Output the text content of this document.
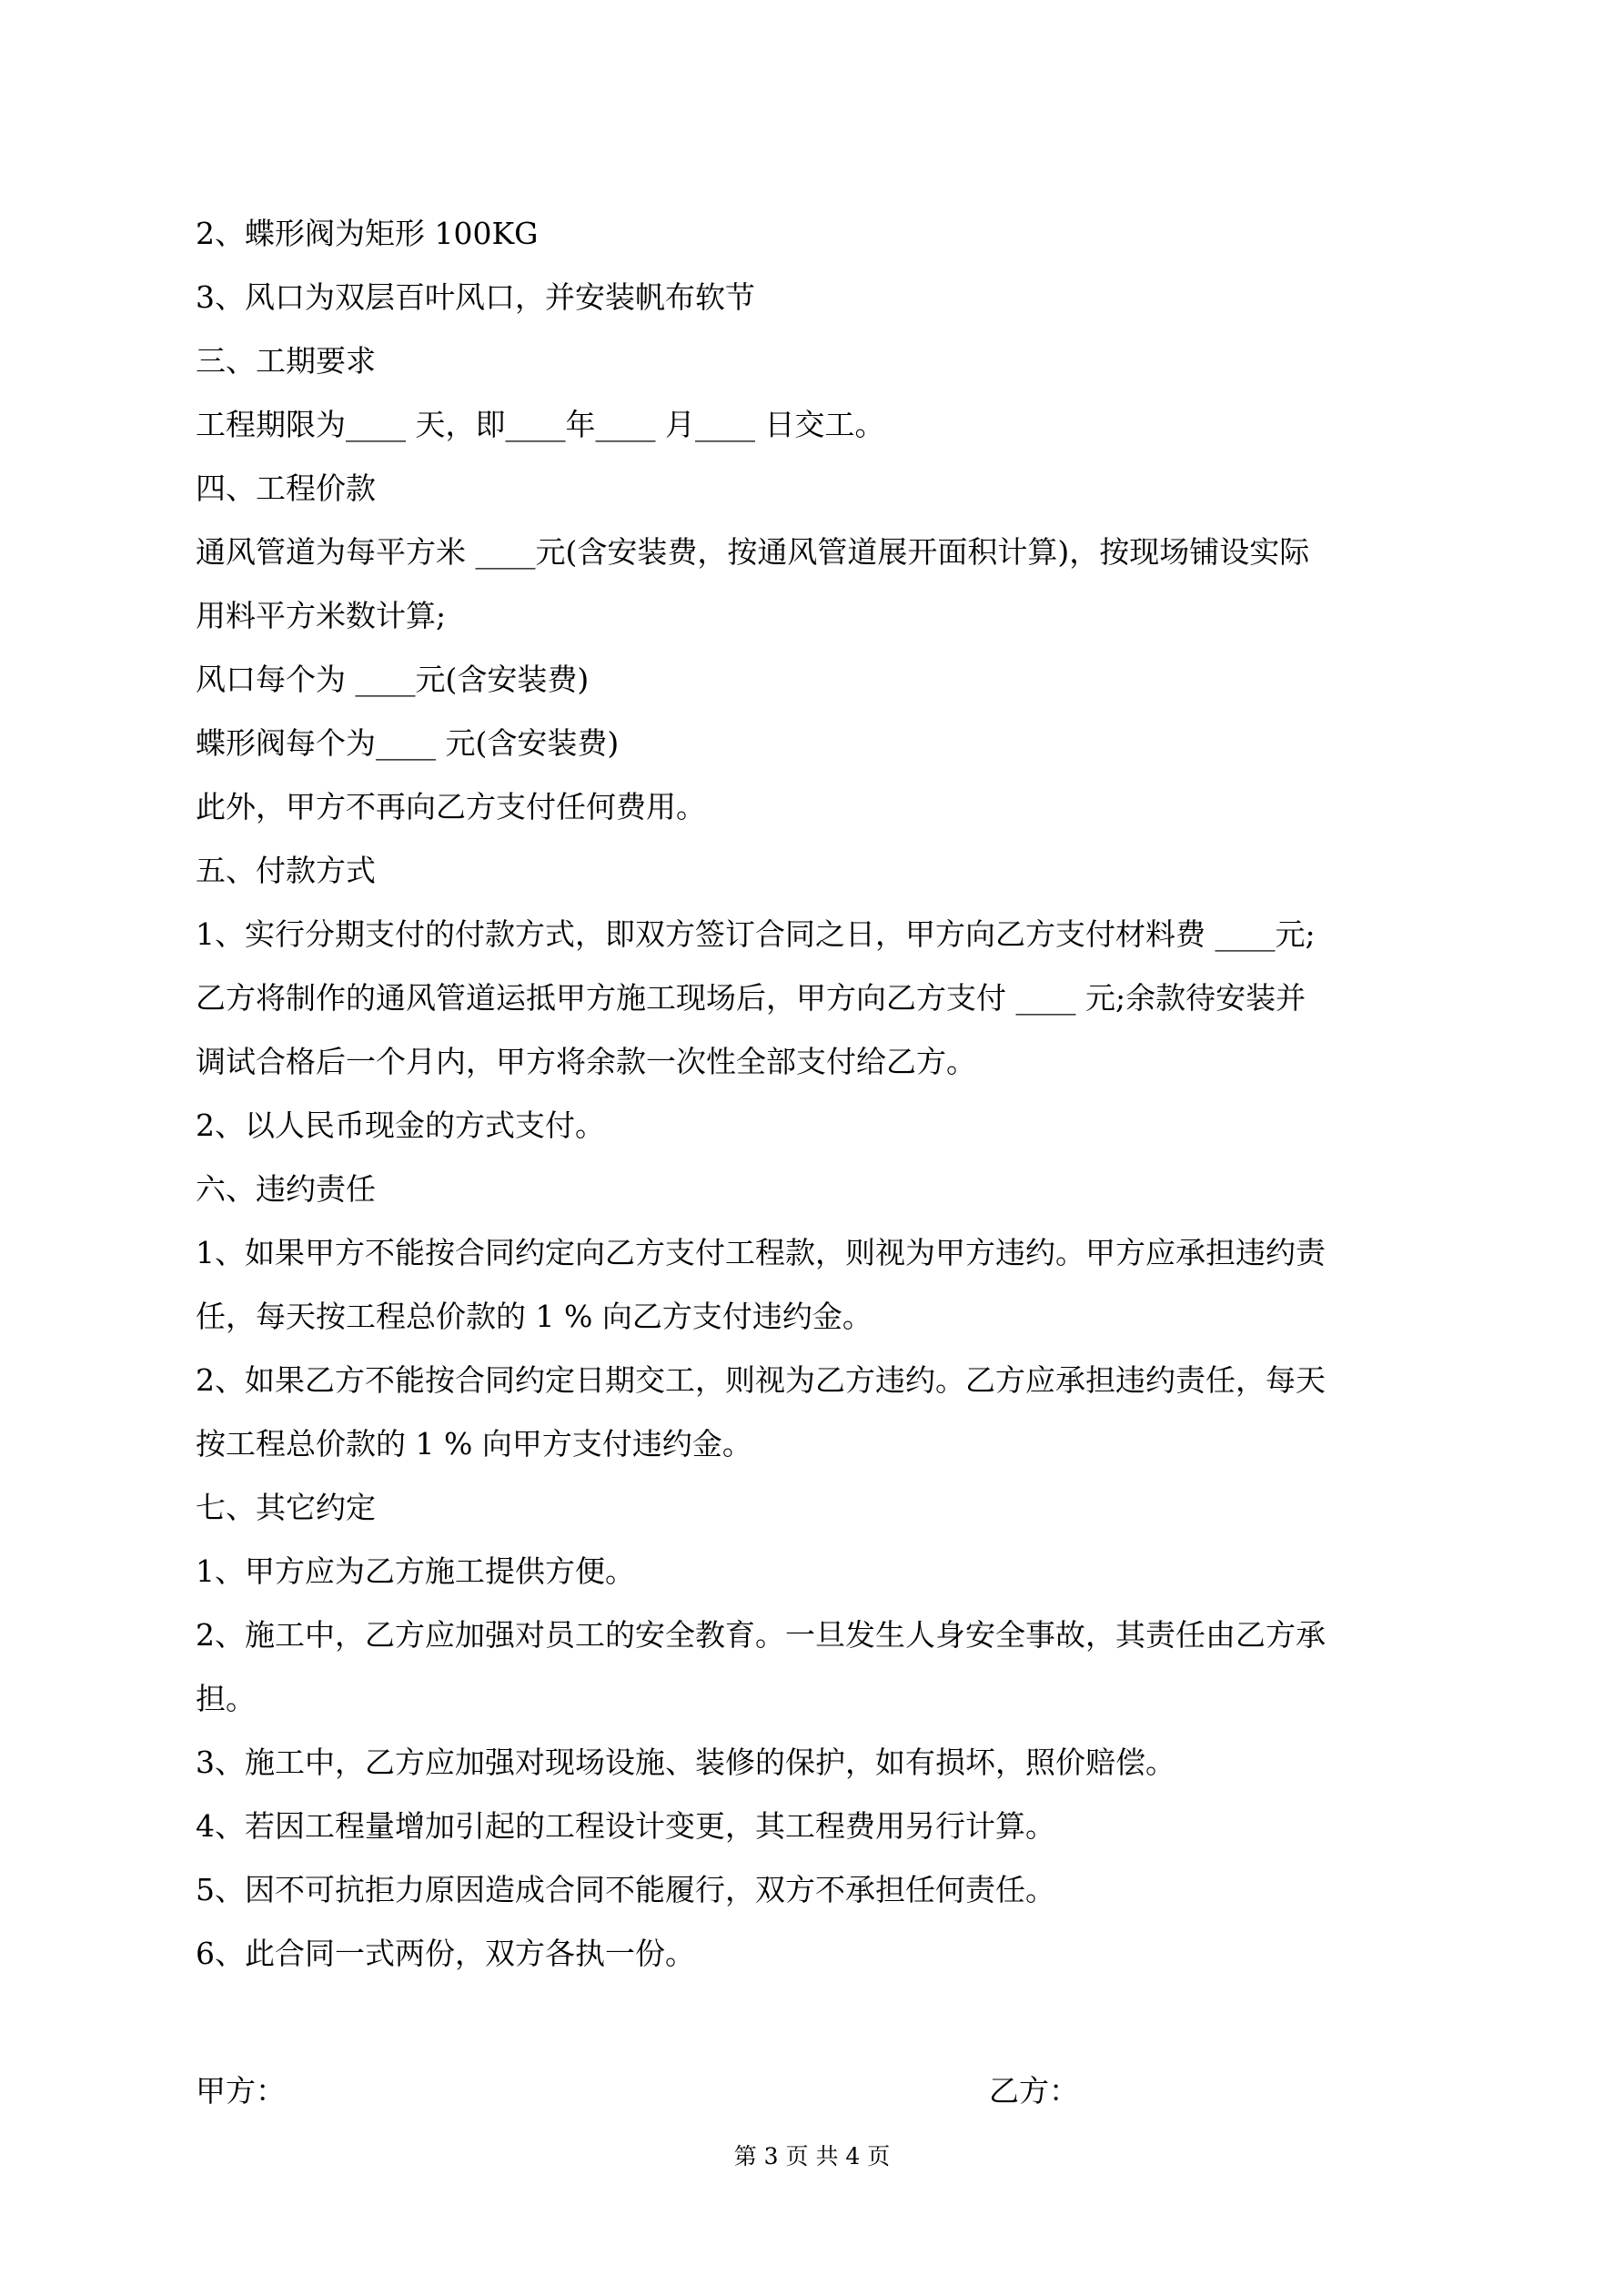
2、蝶形阀为矩形 100KG
3、风口为双层百叶风口，并安装帆布软节
三、工期要求
工程期限为____ 天，即____年____ 月____ 日交工。
四、工程价款
通风管道为每平方米 ____元(含安装费，按通风管道展开面积计算)，按现场铺设实际
用料平方米数计算;
风口每个为 ____元(含安装费)
蝶形阀每个为____ 元(含安装费)
此外，甲方不再向乙方支付任何费用。
五、付款方式
1、实行分期支付的付款方式，即双方签订合同之日，甲方向乙方支付材料费 ____元;
乙方将制作的通风管道运抵甲方施工现场后，甲方向乙方支付 ____ 元;余款待安装并
调试合格后一个月内，甲方将余款一次性全部支付给乙方。
2、以人民币现金的方式支付。
六、违约责任
1、如果甲方不能按合同约定向乙方支付工程款，则视为甲方违约。甲方应承担违约责
任，每天按工程总价款的 1 % 向乙方支付违约金。
2、如果乙方不能按合同约定日期交工，则视为乙方违约。乙方应承担违约责任，每天
按工程总价款的 1 % 向甲方支付违约金。
七、其它约定
1、甲方应为乙方施工提供方便。
2、施工中，乙方应加强对员工的安全教育。一旦发生人身安全事故，其责任由乙方承
担。
3、施工中，乙方应加强对现场设施、装修的保护，如有损坏，照价赔偿。
4、若因工程量增加引起的工程设计变更，其工程费用另行计算。
5、因不可抗拒力原因造成合同不能履行，双方不承担任何责任。
6、此合同一式两份，双方各执一份。
甲方：	乙方：
第 3 页 共 4 页
